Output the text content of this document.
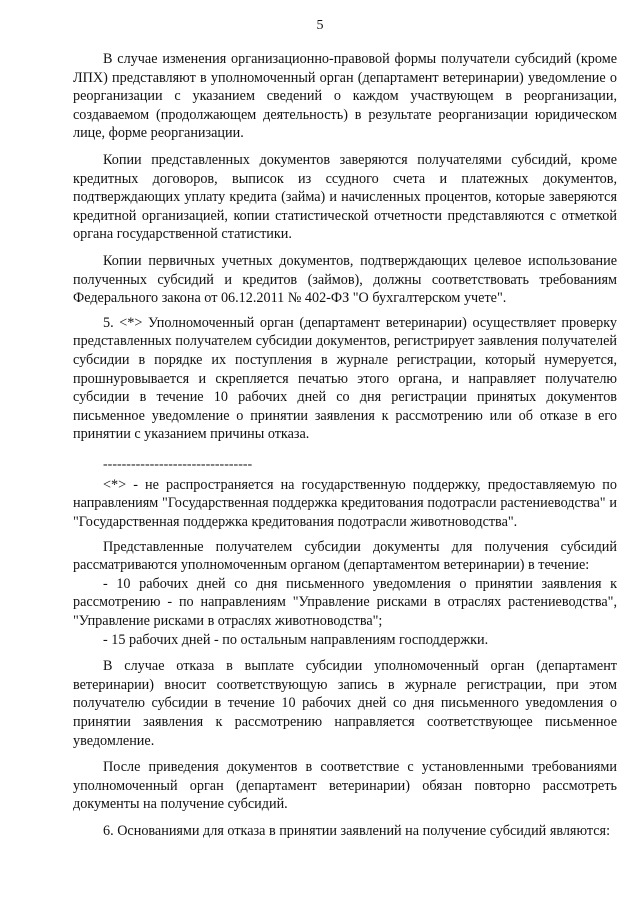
5

В случае изменения организационно-правовой формы получатели субсидий (кроме ЛПХ) представляют в уполномоченный орган (департамент ветеринарии) уведомление о реорганизации с указанием сведений о каждом участвующем в реорганизации, создаваемом (продолжающем деятельность) в результате реорганизации юридическом лице, форме реорганизации.

Копии представленных документов заверяются получателями субсидий, кроме кредитных договоров, выписок из ссудного счета и платежных документов, подтверждающих уплату кредита (займа) и начисленных процентов, которые заверяются кредитной организацией, копии статистической отчетности представляются с отметкой органа государственной статистики.

Копии первичных учетных документов, подтверждающих целевое использование полученных субсидий и кредитов (займов), должны соответствовать требованиям Федерального закона от 06.12.2011 № 402-ФЗ "О бухгалтерском учете".

5. <*> Уполномоченный орган (департамент ветеринарии) осуществляет проверку представленных получателем субсидии документов, регистрирует заявления получателей субсидии в порядке их поступления в журнале регистрации, который нумеруется, прошнуровывается и скрепляется печатью этого органа, и направляет получателю субсидии в течение 10 рабочих дней со дня регистрации принятых документов письменное уведомление о принятии заявления к рассмотрению или об отказе в его принятии с указанием причины отказа.

--------------------------------

<*> - не распространяется на государственную поддержку, предоставляемую по направлениям "Государственная поддержка кредитования подотрасли растениеводства" и "Государственная поддержка кредитования подотрасли животноводства".

Представленные получателем субсидии документы для получения субсидий рассматриваются уполномоченным органом (департаментом ветеринарии) в течение:

- 10 рабочих дней со дня письменного уведомления о принятии заявления к рассмотрению - по направлениям "Управление рисками в отраслях растениеводства", "Управление рисками в отраслях животноводства";

- 15 рабочих дней - по остальным направлениям господдержки.

В случае отказа в выплате субсидии уполномоченный орган (департамент ветеринарии) вносит соответствующую запись в журнале регистрации, при этом получателю субсидии в течение 10 рабочих дней со дня письменного уведомления о принятии заявления к рассмотрению направляется соответствующее письменное уведомление.

После приведения документов в соответствие с установленными требованиями уполномоченный орган (департамент ветеринарии) обязан повторно рассмотреть документы на получение субсидий.

6. Основаниями для отказа в принятии заявлений на получение субсидий являются:
